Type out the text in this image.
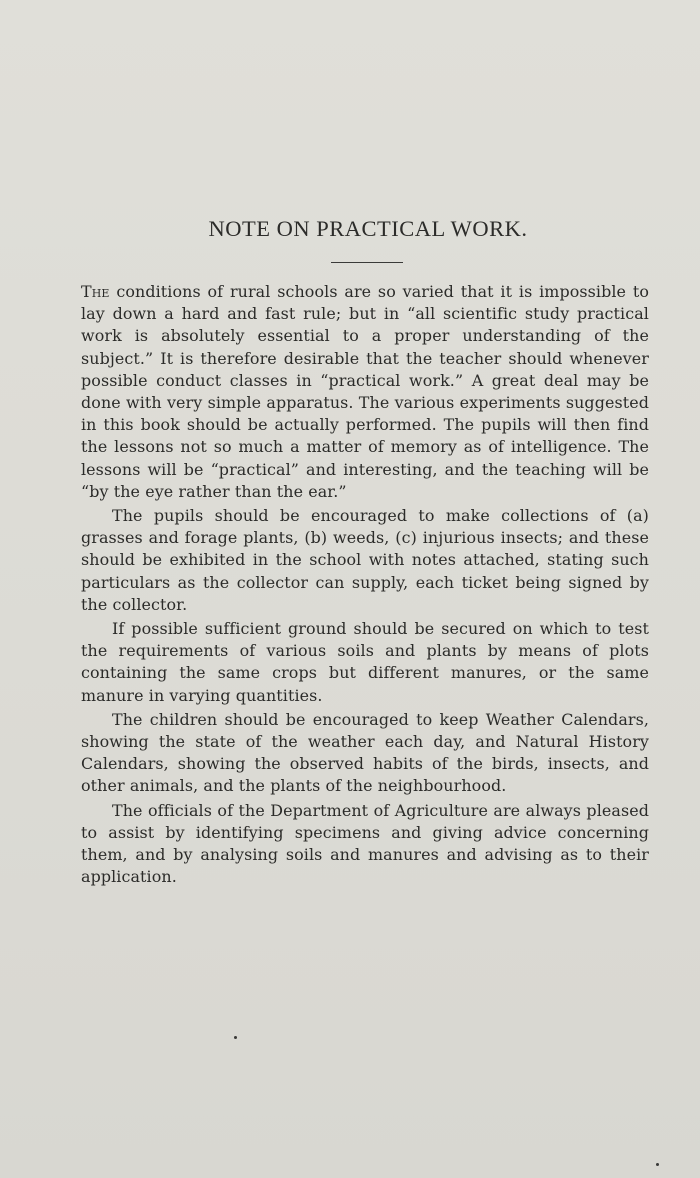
NOTE ON PRACTICAL WORK.

The conditions of rural schools are so varied that it is impossible to lay down a hard and fast rule; but in “all scientific study practical work is absolutely essential to a proper understanding of the subject.” It is therefore desirable that the teacher should whenever possible conduct classes in “practical work.” A great deal may be done with very simple apparatus. The various experiments suggested in this book should be actually performed. The pupils will then find the lessons not so much a matter of memory as of intelligence. The lessons will be “practical” and interesting, and the teaching will be “by the eye rather than the ear.”

The pupils should be encouraged to make collections of (a) grasses and forage plants, (b) weeds, (c) injurious insects; and these should be exhibited in the school with notes attached, stating such particulars as the collector can supply, each ticket being signed by the collector.

If possible sufficient ground should be secured on which to test the requirements of various soils and plants by means of plots containing the same crops but different manures, or the same manure in varying quantities.

The children should be encouraged to keep Weather Calendars, showing the state of the weather each day, and Natural History Calendars, showing the observed habits of the birds, insects, and other animals, and the plants of the neighbourhood.

The officials of the Department of Agriculture are always pleased to assist by identifying specimens and giving advice concerning them, and by analysing soils and manures and advising as to their application.
